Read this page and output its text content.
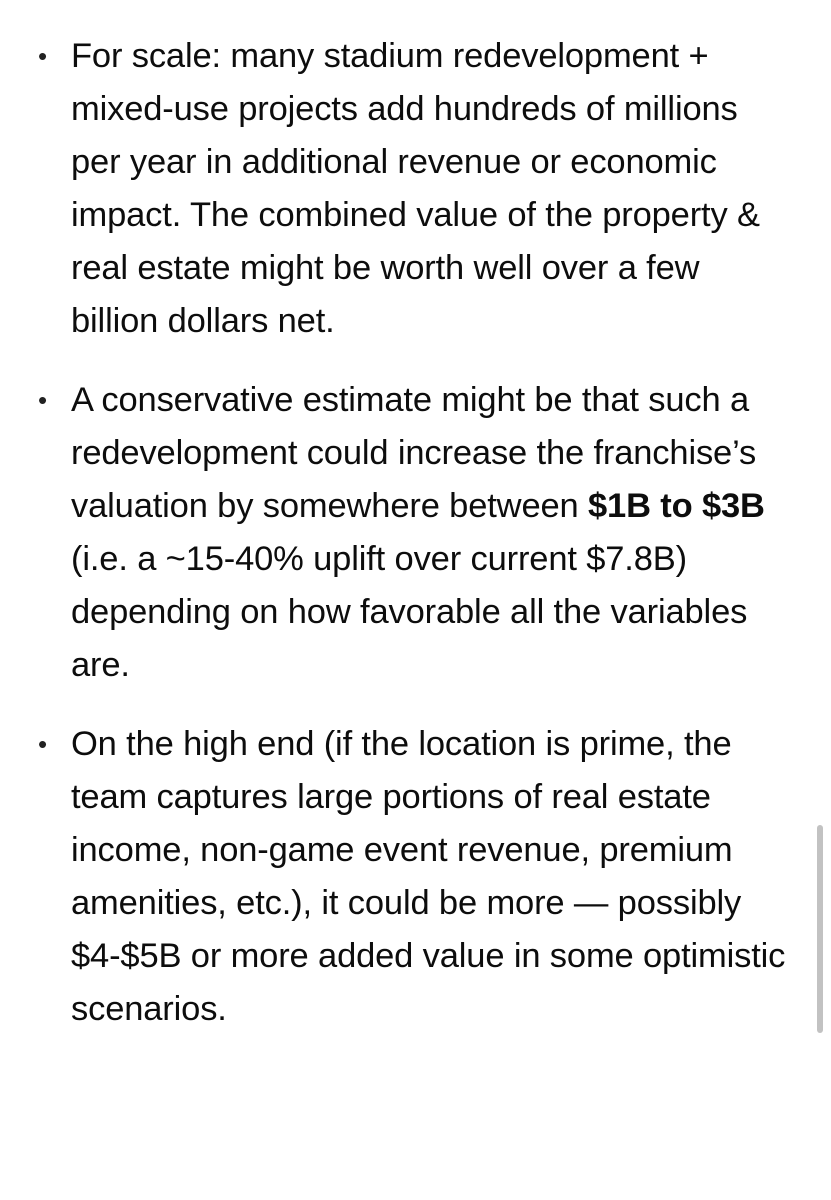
• For scale: many stadium redevelopment + mixed-use projects add hundreds of millions per year in additional revenue or economic impact. The combined value of the property & real estate might be worth well over a few billion dollars net.
• A conservative estimate might be that such a redevelopment could increase the franchise’s valuation by somewhere between $1B to $3B (i.e. a ~15-40% uplift over current $7.8B) depending on how favorable all the variables are.
• On the high end (if the location is prime, the team captures large portions of real estate income, non-game event revenue, premium amenities, etc.), it could be more — possibly $4-$5B or more added value in some optimistic scenarios.
